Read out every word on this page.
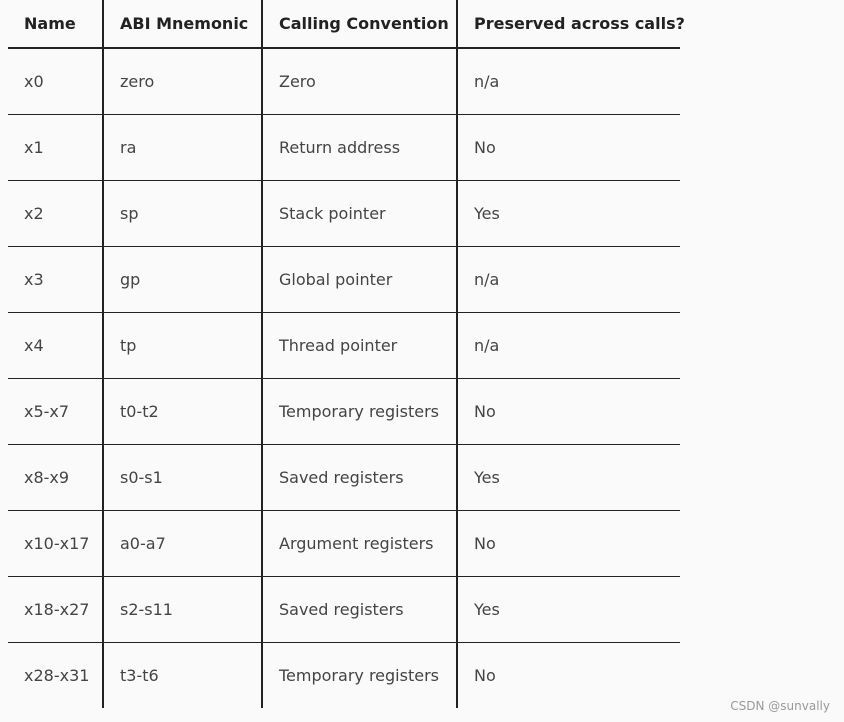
Name	ABI Mnemonic	Calling Convention	Preserved across calls?
x0	zero	Zero	n/a
x1	ra	Return address	No
x2	sp	Stack pointer	Yes
x3	gp	Global pointer	n/a
x4	tp	Thread pointer	n/a
x5-x7	t0-t2	Temporary registers	No
x8-x9	s0-s1	Saved registers	Yes
x10-x17	a0-a7	Argument registers	No
x18-x27	s2-s11	Saved registers	Yes
x28-x31	t3-t6	Temporary registers	No
CSDN @sunvally
